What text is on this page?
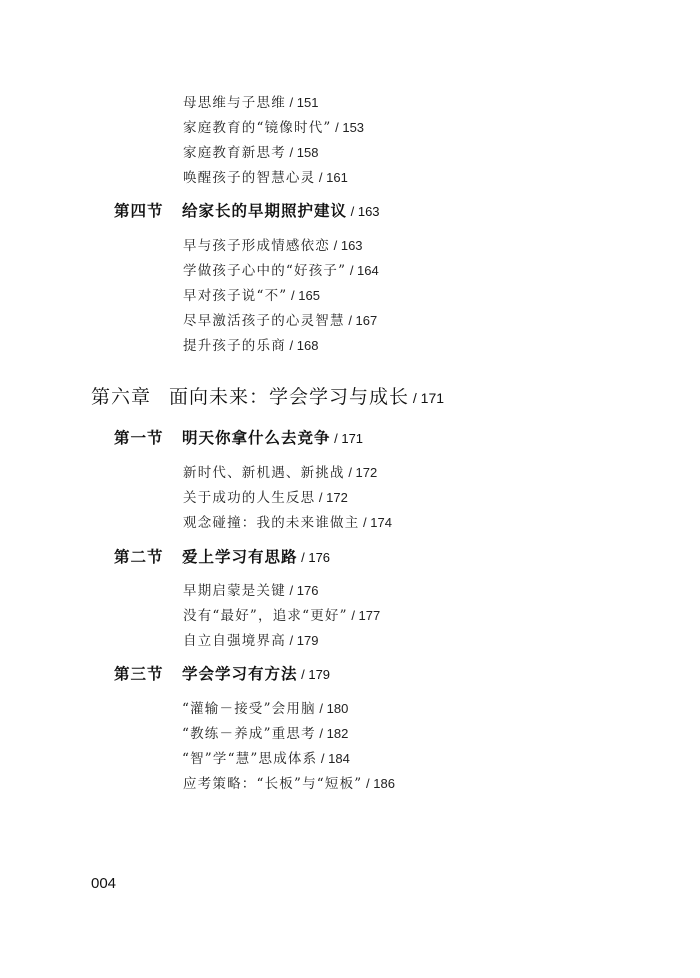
母思维与子思维 / 151
家庭教育的“镜像时代” / 153
家庭教育新思考 / 158
唤醒孩子的智慧心灵 / 161
第四节 给家长的早期照护建议 / 163
早与孩子形成情感依恋 / 163
学做孩子心中的“好孩子” / 164
早对孩子说“不” / 165
尽早激活孩子的心灵智慧 / 167
提升孩子的乐商 / 168
第六章 面向未来：学会学习与成长 / 171
第一节 明天你拿什么去竞争 / 171
新时代、新机遇、新挑战 / 172
关于成功的人生反思 / 172
观念碰撞：我的未来谁做主 / 174
第二节 爱上学习有思路 / 176
早期启蒙是关键 / 176
没有“最好”，追求“更好” / 177
自立自强境界高 / 179
第三节 学会学习有方法 / 179
“灌输－接受”会用脑 / 180
“教练－养成”重思考 / 182
“智”学“慧”思成体系 / 184
应考策略：“长板”与“短板” / 186
004
